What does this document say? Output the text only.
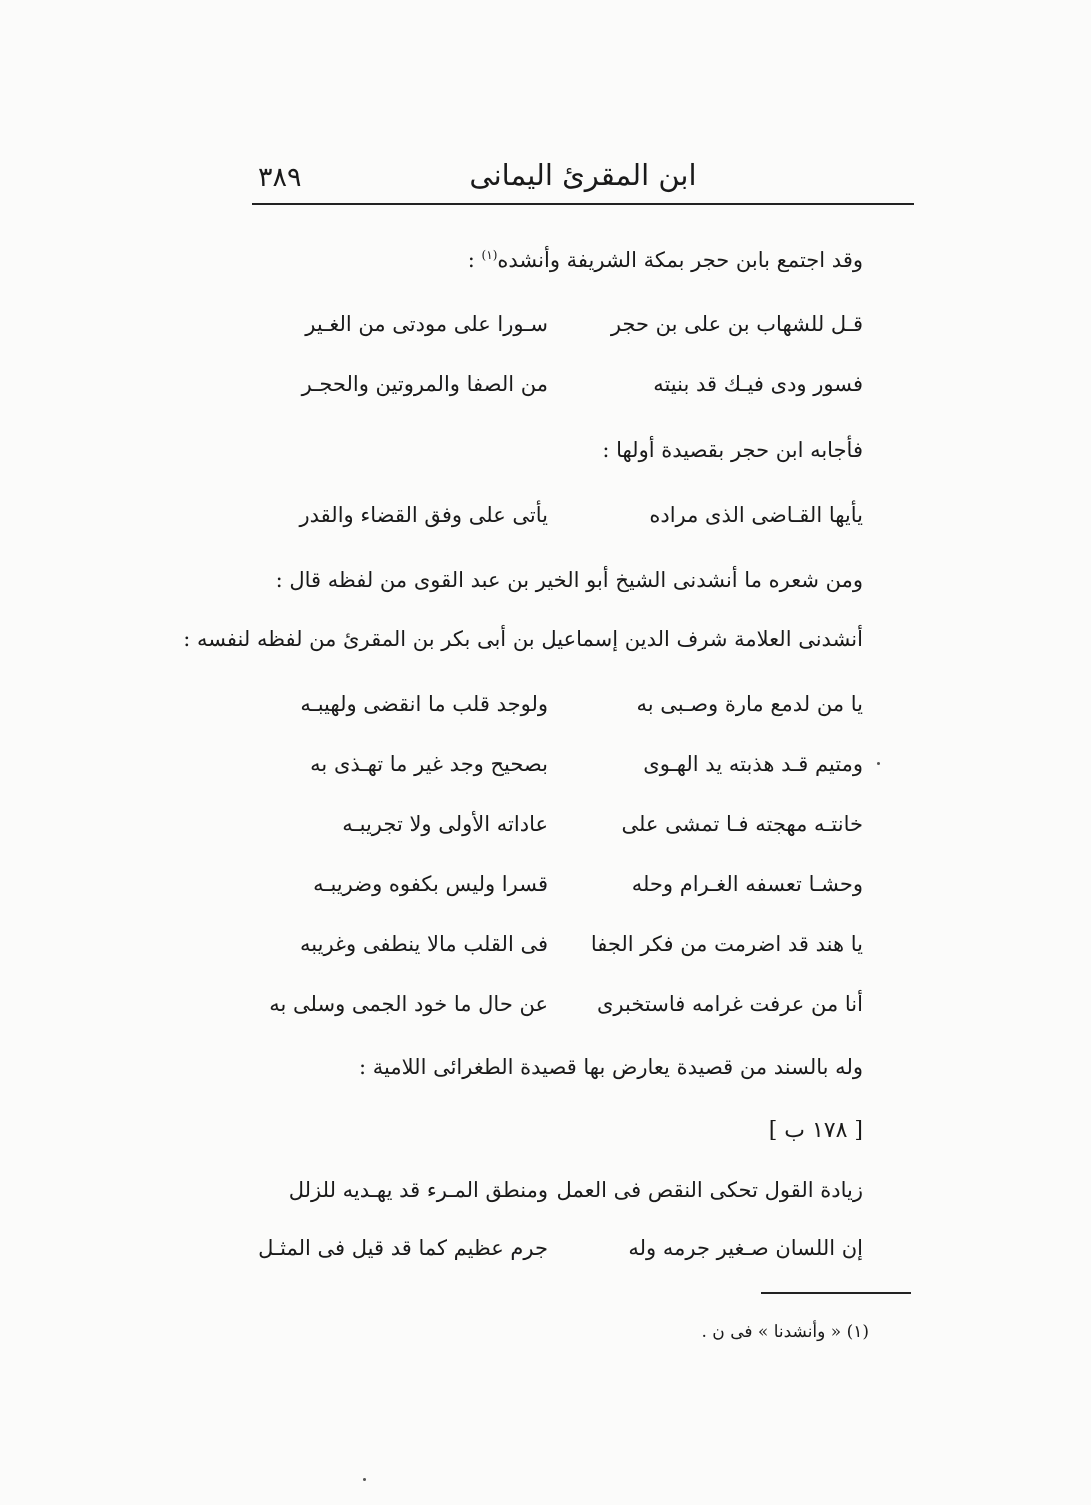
٣٨٩	ابن المقرئ اليمانى
وقد اجتمع بابن حجر بمكة الشريفة وأنشده$^{(١)}$ :
قـل للشهاب بن على بن حجر
سـورا على مودتى من الغـير
فسور ودى فيـك قد بنيته
من الصفا والمروتين والحجـر
فأجابه ابن حجر بقصيدة أولها :
يأيها القـاضى الذى مراده
يأتى على وفق القضاء والقدر
ومن شعره ما أنشدنى الشيخ أبو الخير بن عبد القوى من لفظه قال :
أنشدنى العلامة شرف الدين إسماعيل بن أبى بكر بن المقرئ من لفظه لنفسه :
يا من لدمع مارة وصـبى به
ولوجد قلب ما انقضى ولهيبـه
ومتيم قـد هذبته يد الهـوى
بصحيح وجد غير ما تهـذى به
خانتـه مهجته فـا تمشى على
عاداته الأولى ولا تجريبـه
وحشـا تعسفه الغـرام وحله
قسرا وليس بكفوه وضريبـه
يا هند قد اضرمت من فكر الجفا
فى القلب مالا ينطفى وغريبه
أنا من عرفت غرامه فاستخبرى
عن حال ما خود الجمى وسلى به
وله بالسند من قصيدة يعارض بها قصيدة الطغرائى اللامية :
[ ١٧٨ ب ]
زيادة القول تحكى النقص فى العمل
ومنطق المـرء قد يهـديه للزلل
إن اللسان صـغير جرمه وله
جرم عظيم كما قد قيل فى المثـل
(١) « وأنشدنا » فى ن .
